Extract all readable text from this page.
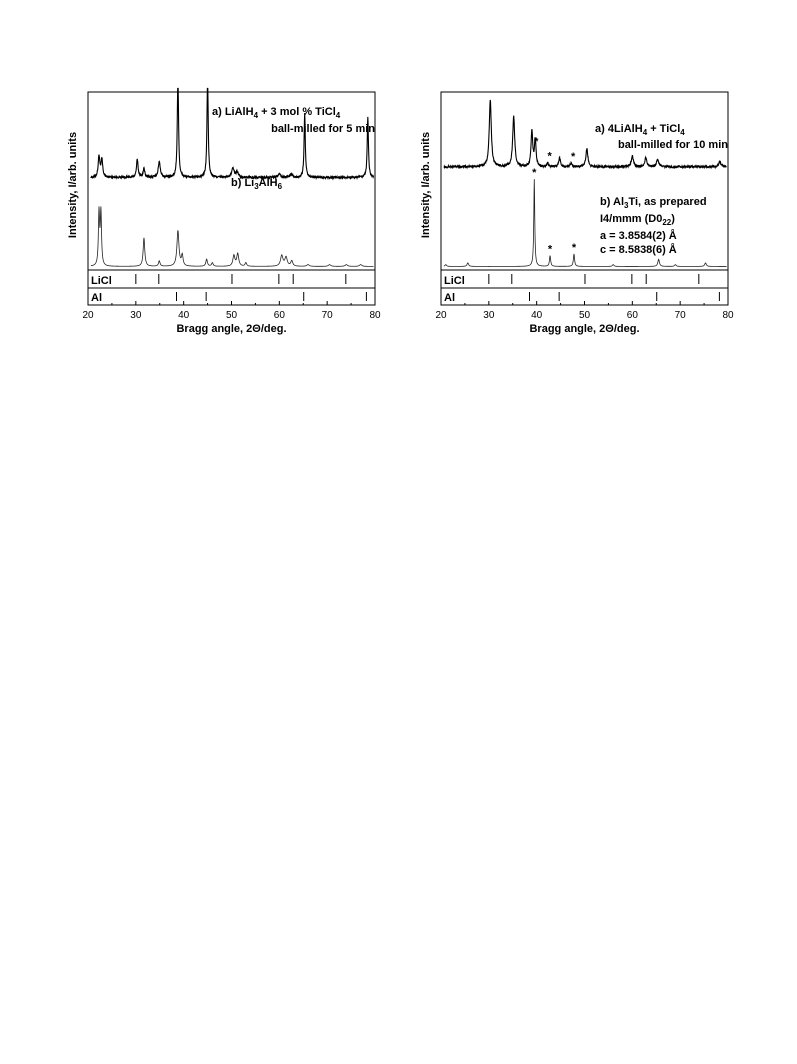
Intensity, I/arb. units
20	30	40	50	60	70	80
Bragg angle, 2Θ/deg.
LiCl
Al
a) LiAlH$_4$ + 3 mol % TiCl$_4$
ball-milled for 5 min
b) $Li_3AlH_6$	Intensity, I/arb. units
20	30	40	50	60	70	80
Bragg angle, 2Θ/deg.
LiCl
Al
*
* *
*
* *
a) 4LiAlH$_4$ + TiCl$_4$
ball-milled for 10 min
b) $Al_3Ti$, as prepared
I4/mmm $(D0_{22})$
a = 3.8584(2) Å
c = 8.5838(6) Å
